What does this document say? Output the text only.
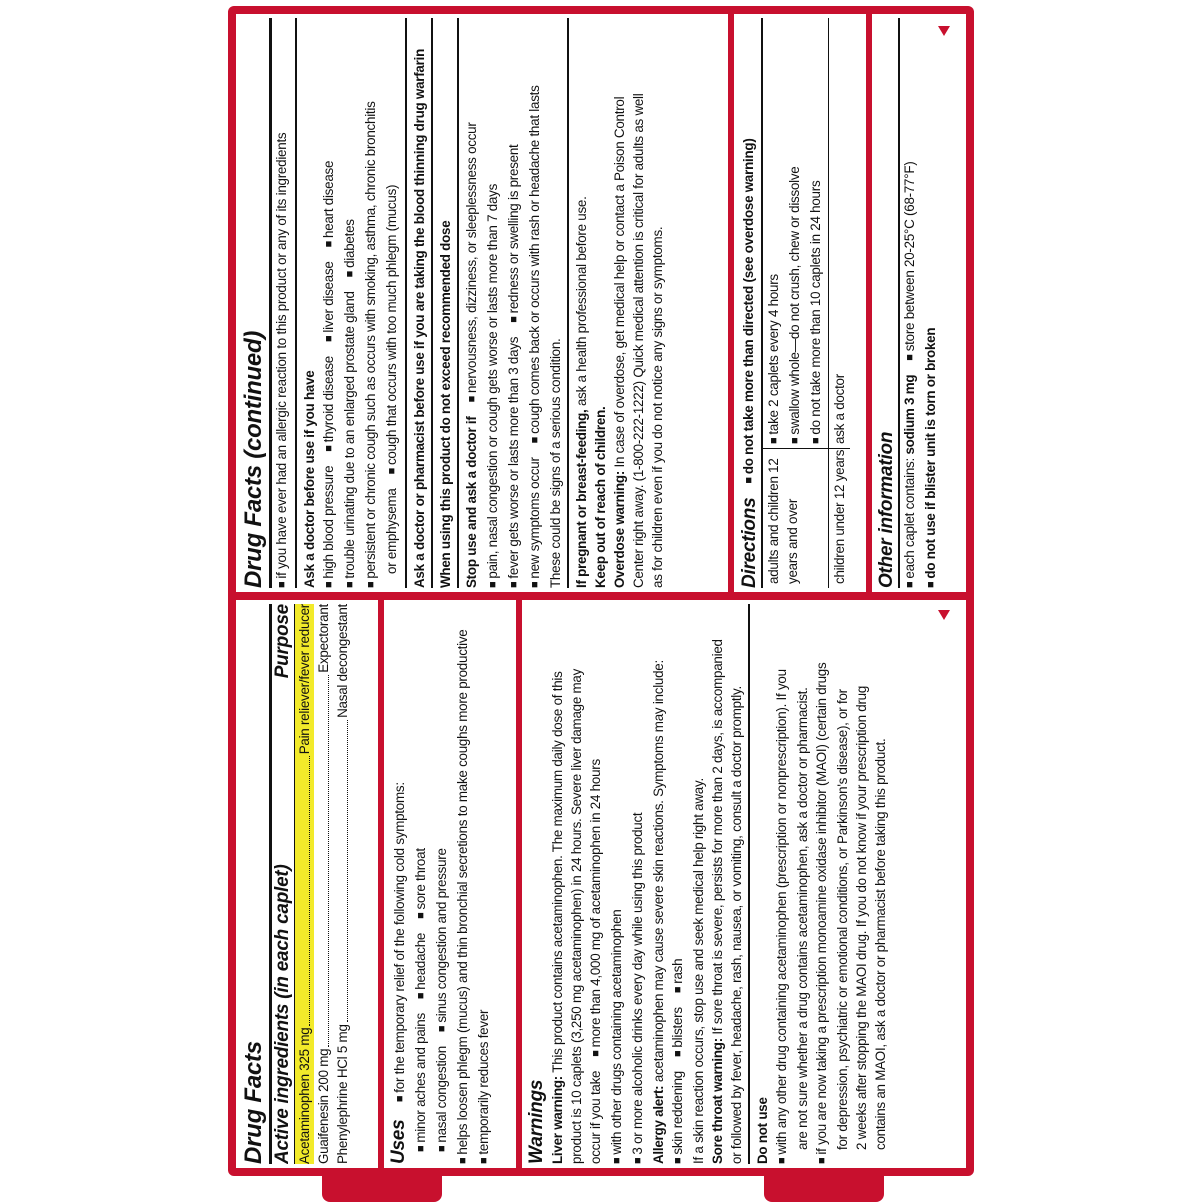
Drug Facts Active ingredients (in each caplet)
Purpose
Acetaminophen 325 mg
Pain reliever/fever reducer
Guaifenesin 200 mg
Expectorant
Phenylephrine HCl 5 mg
Nasal decongestant
Uses ■ for the temporary relief of the following cold symptoms: ■ minor aches and pains■ headache■ sore throat
■ nasal congestion■ sinus congestion and pressure ■ helps loosen phlegm (mucus) and thin bronchial secretions to make coughs more productive ■ temporarily reduces fever Warnings Liver warning: This product contains acetaminophen. The maximum daily dose of this product is 10 caplets (3,250 mg acetaminophen) in 24 hours. Severe liver damage may occur if you take■ more than 4,000 mg of acetaminophen in 24 hours ■ with other drugs containing acetaminophen ■ 3 or more alcoholic drinks every day while using this product Allergy alert: acetaminophen may cause severe skin reactions. Symptoms may include:
■ skin reddening■ blisters■ rash If a skin reaction occurs, stop use and seek medical help right away. Sore throat warning: If sore throat is severe, persists for more than 2 days, is accompanied or followed by fever, headache, rash, nausea, or vomiting, consult a doctor promptly. Do not use ■ with any other drug containing acetaminophen (prescription or nonprescription). If you are not sure whether a drug contains acetaminophen, ask a doctor or pharmacist. ■ if you are now taking a prescription monoamine oxidase inhibitor (MAOI) (certain drugs for depression, psychiatric or emotional conditions, or Parkinson's disease), or for 2 weeks after stopping the MAOI drug. If you do not know if your prescription drug contains an MAOI, ask a doctor or pharmacist before taking this product.
Drug Facts (continued) ■ if you have ever had an allergic reaction to this product or any of its ingredients Ask a doctor before use if you have ■ high blood pressure■ thyroid disease■ liver disease■ heart disease
■ trouble urinating due to an enlarged prostate gland■ diabetes ■ persistent or chronic cough such as occurs with smoking, asthma, chronic bronchitis or emphysema■ cough that occurs with too much phlegm (mucus) Ask a doctor or pharmacist before use if you are taking the blood thinning drug warfarin When using this product do not exceed recommended dose Stop use and ask a doctor if■ nervousness, dizziness, or sleeplessness occur ■ pain, nasal congestion or cough gets worse or lasts more than 7 days ■ fever gets worse or lasts more than 3 days■ redness or swelling is present
■ new symptoms occur■ cough comes back or occurs with rash or headache that lasts
These could be signs of a serious condition. If pregnant or breast-feeding, ask a health professional before use.
Keep out of reach of children. Overdose warning: In case of overdose, get medical help or contact a Poison Control Center right away. (1-800-222-1222) Quick medical attention is critical for adults as well as for children even if you do not notice any signs or symptoms.	Directions
■ do not take more than directed (see overdose warning)
adults and children 12 years and over
■ take 2 caplets every 4 hours ■ swallow whole—do not crush, chew or dissolve ■ do not take more than 10 caplets in 24 hours
children under 12 years
ask a doctor
Other information ■ each caplet contains: sodium 3 mg■ store between 20-25°C (68-77°F)
■ do not use if blister unit is torn or broken
